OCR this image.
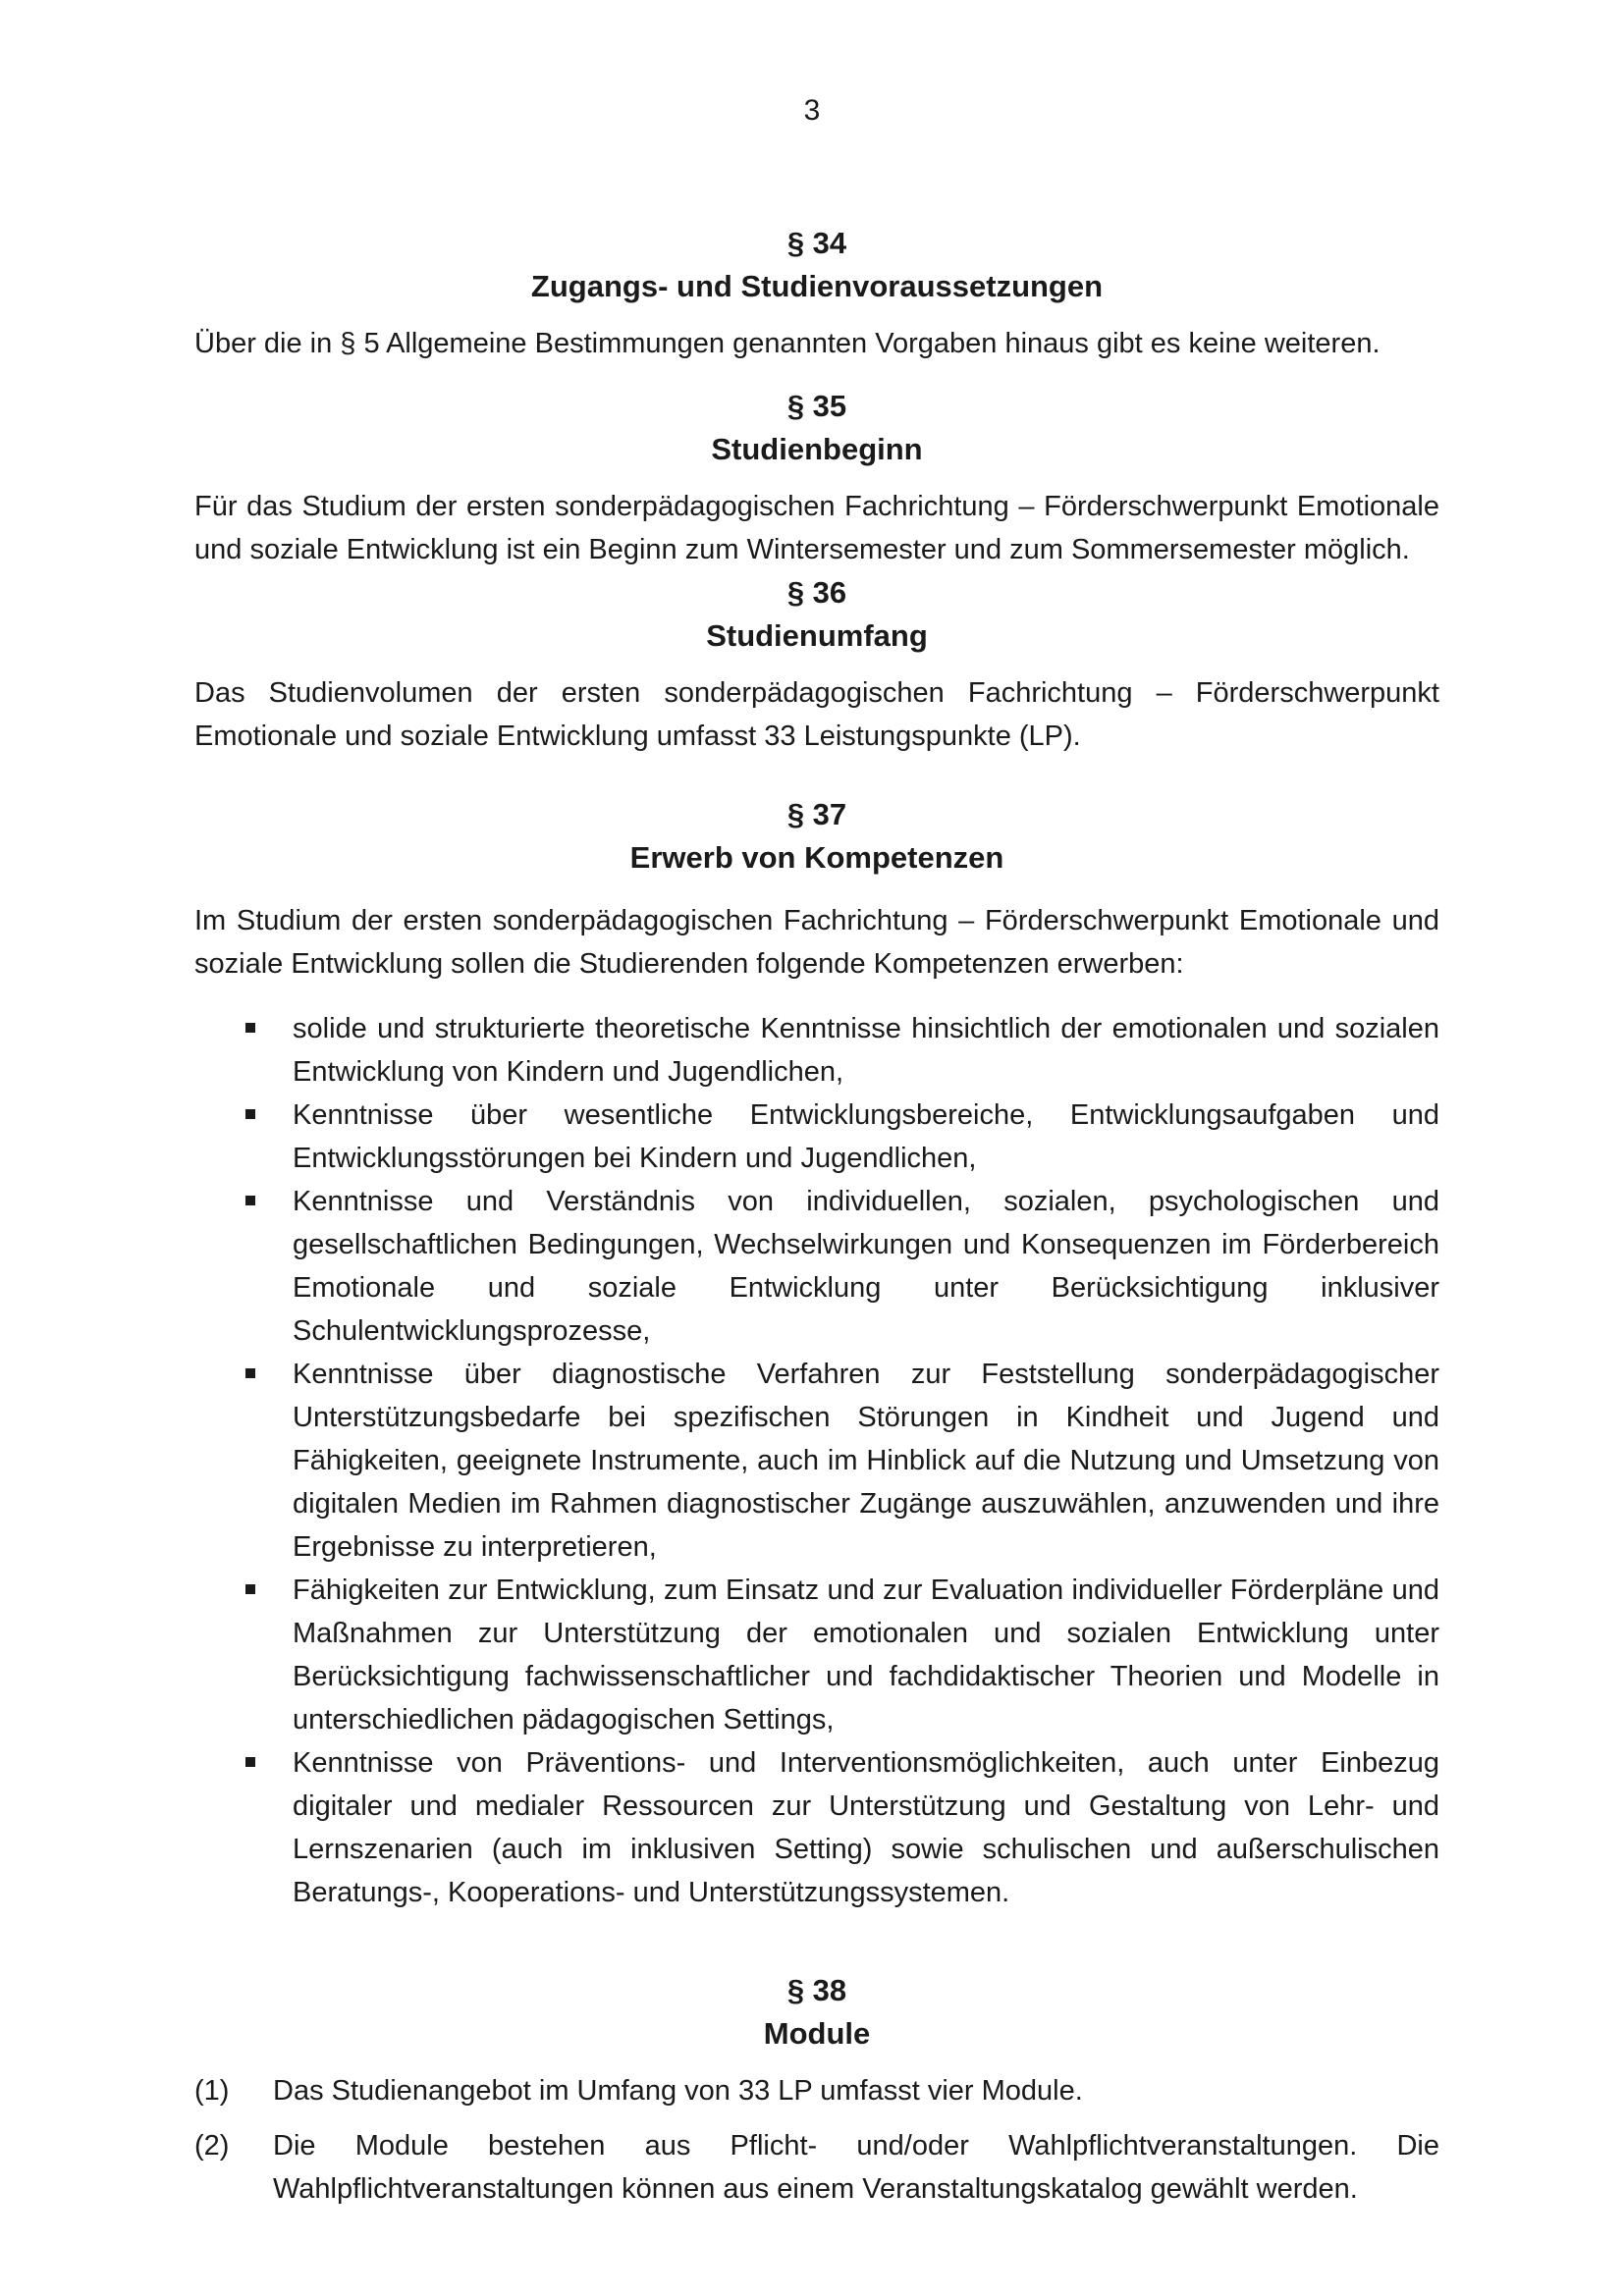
3
§ 34
Zugangs- und Studienvoraussetzungen

Über die in § 5 Allgemeine Bestimmungen genannten Vorgaben hinaus gibt es keine weiteren.

§ 35
Studienbeginn

Für das Studium der ersten sonderpädagogischen Fachrichtung – Förderschwerpunkt Emotionale und soziale Entwicklung ist ein Beginn zum Wintersemester und zum Sommersemester möglich.

§ 36
Studienumfang

Das Studienvolumen der ersten sonderpädagogischen Fachrichtung – Förderschwerpunkt Emotionale und soziale Entwicklung umfasst 33 Leistungspunkte (LP).

§ 37
Erwerb von Kompetenzen

Im Studium der ersten sonderpädagogischen Fachrichtung – Förderschwerpunkt Emotionale und soziale Entwicklung sollen die Studierenden folgende Kompetenzen erwerben:

solide und strukturierte theoretische Kenntnisse hinsichtlich der emotionalen und sozialen Entwicklung von Kindern und Jugendlichen,
Kenntnisse über wesentliche Entwicklungsbereiche, Entwicklungsaufgaben und Entwicklungsstörungen bei Kindern und Jugendlichen,
Kenntnisse und Verständnis von individuellen, sozialen, psychologischen und gesellschaftlichen Bedingungen, Wechselwirkungen und Konsequenzen im Förderbereich Emotionale und soziale Entwicklung unter Berücksichtigung inklusiver Schulentwicklungsprozesse,
Kenntnisse über diagnostische Verfahren zur Feststellung sonderpädagogischer Unterstützungsbedarfe bei spezifischen Störungen in Kindheit und Jugend und Fähigkeiten, geeignete Instrumente, auch im Hinblick auf die Nutzung und Umsetzung von digitalen Medien im Rahmen diagnostischer Zugänge auszuwählen, anzuwenden und ihre Ergebnisse zu interpretieren,
Fähigkeiten zur Entwicklung, zum Einsatz und zur Evaluation individueller Förderpläne und Maßnahmen zur Unterstützung der emotionalen und sozialen Entwicklung unter Berücksichtigung fachwissenschaftlicher und fachdidaktischer Theorien und Modelle in unterschiedlichen pädagogischen Settings,
Kenntnisse von Präventions- und Interventionsmöglichkeiten, auch unter Einbezug digitaler und medialer Ressourcen zur Unterstützung und Gestaltung von Lehr- und Lernszenarien (auch im inklusiven Setting) sowie schulischen und außerschulischen Beratungs-, Kooperations- und Unterstützungssystemen.
§ 38
Module
(1) Das Studienangebot im Umfang von 33 LP umfasst vier Module.
(2) Die Module bestehen aus Pflicht- und/oder Wahlpflichtveranstaltungen. Die Wahlpflichtveranstaltungen können aus einem Veranstaltungskatalog gewählt werden.
